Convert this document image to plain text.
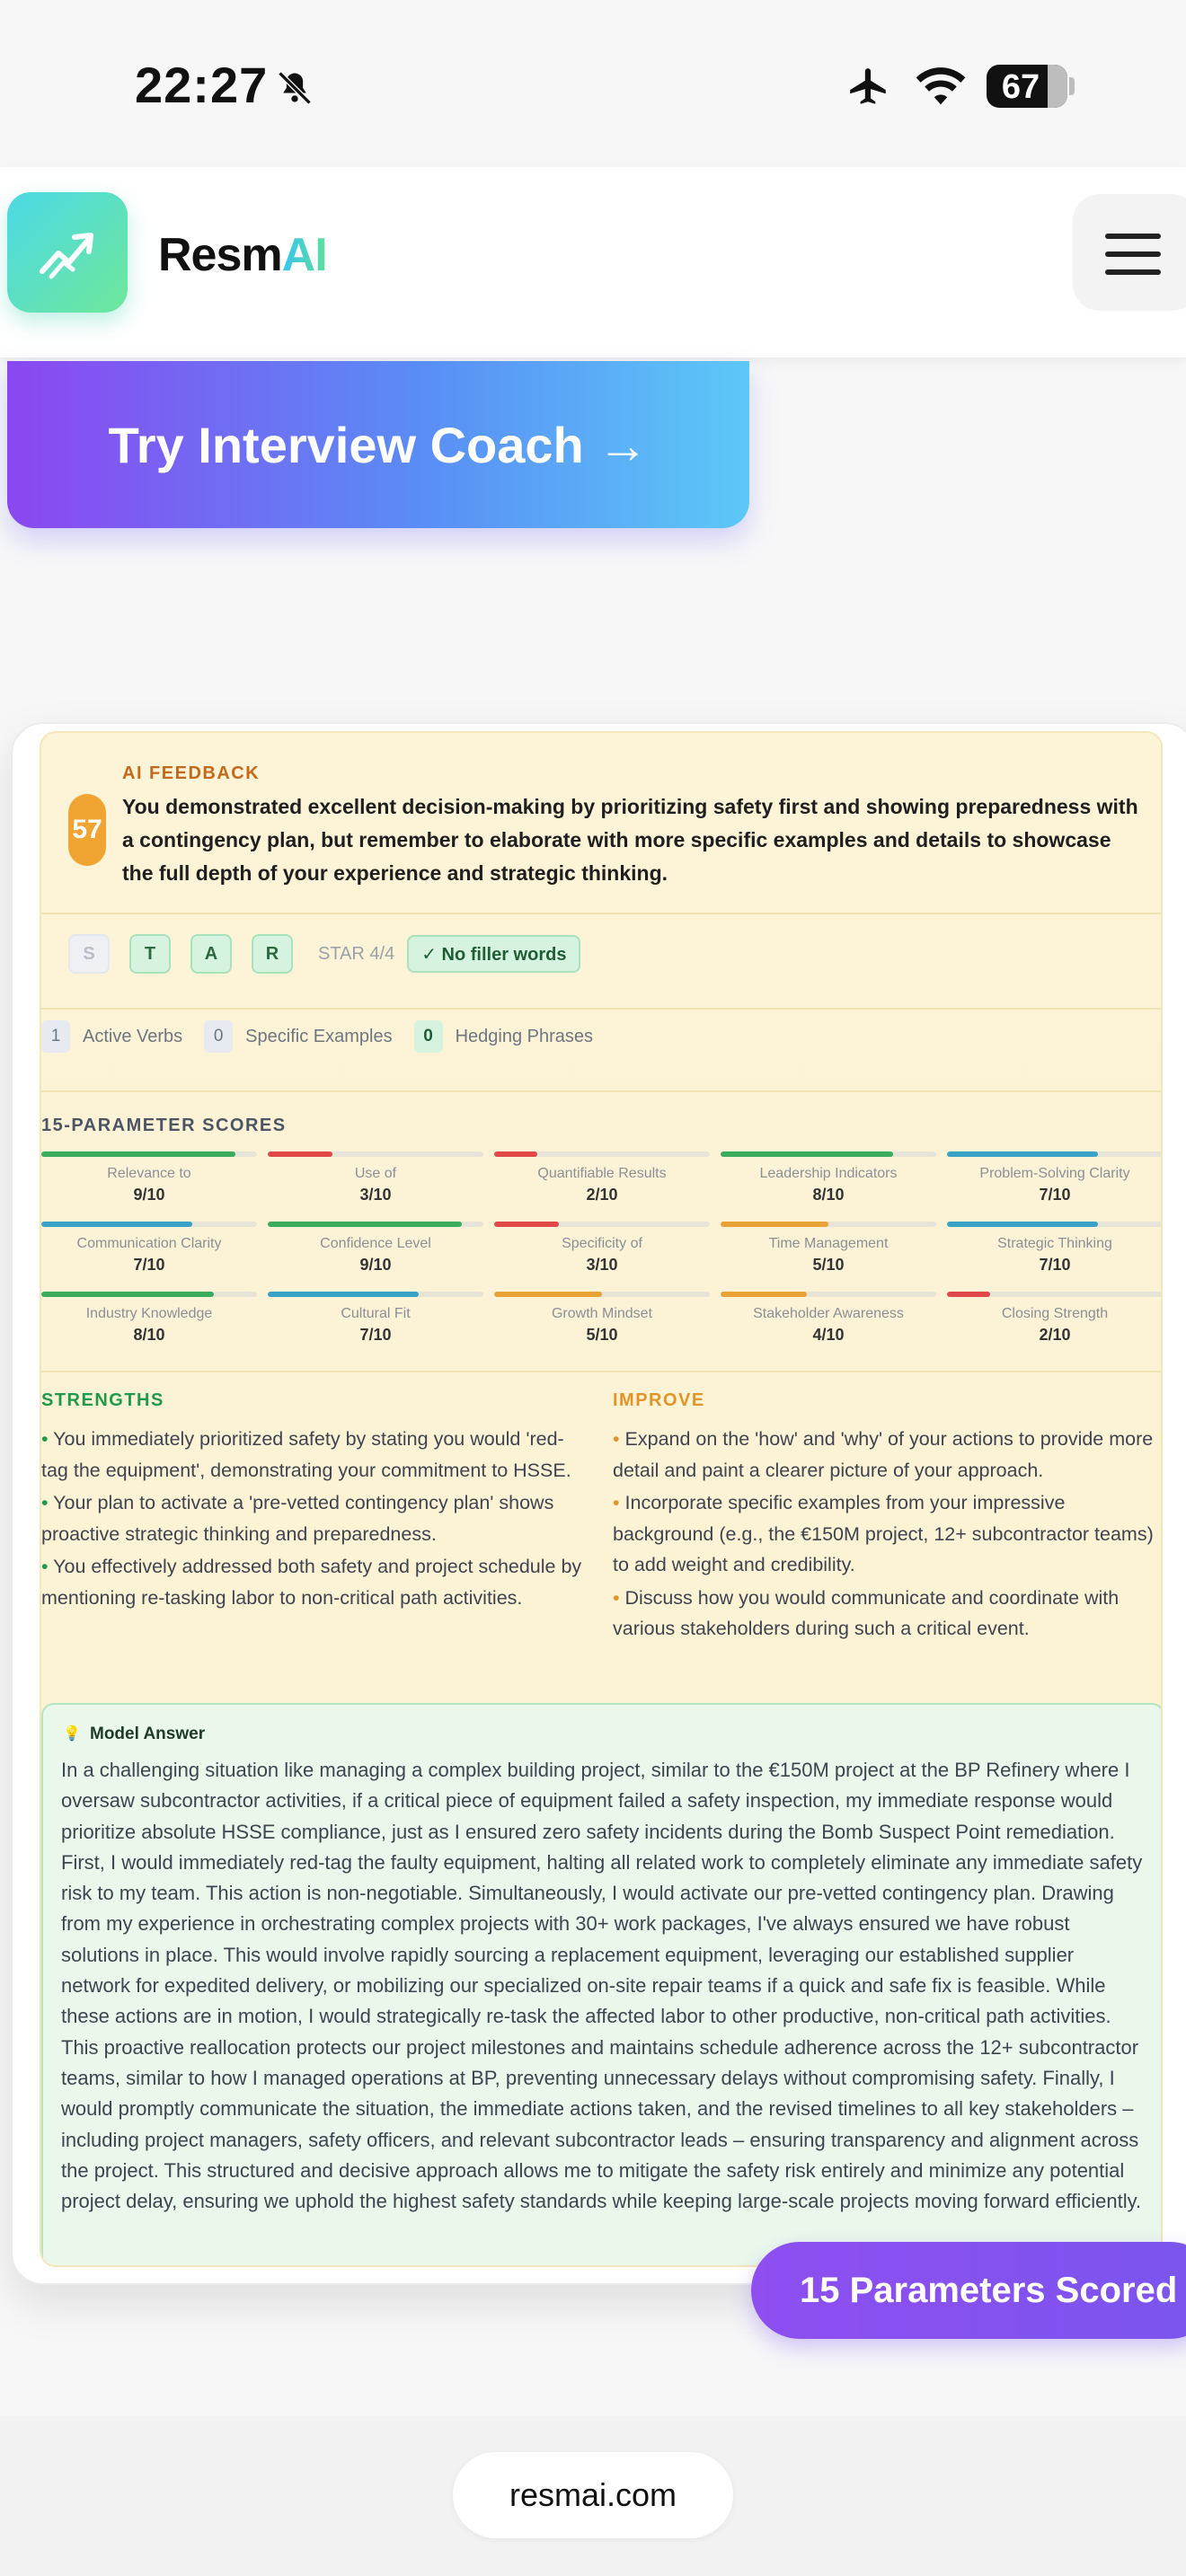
22:27	67
ResmAI
Try Interview Coach →
57
AI FEEDBACK
You demonstrated excellent decision-making by prioritizing safety first and showing preparedness with a contingency plan, but remember to elaborate with more specific examples and details to showcase the full depth of your experience and strategic thinking.
S	T	A	R	STAR 4/4	✓ No filler words
1	Active Verbs	0	Specific Examples	0	Hedging Phrases
15-PARAMETER SCORES
Relevance to
9/10
Use of
3/10
Quantifiable Results
2/10
Leadership Indicators
8/10
Problem-Solving Clarity
7/10
Communication Clarity
7/10
Confidence Level
9/10
Specificity of
3/10
Time Management
5/10
Strategic Thinking
7/10
Industry Knowledge
8/10
Cultural Fit
7/10
Growth Mindset
5/10
Stakeholder Awareness
4/10
Closing Strength
2/10
STRENGTHS
• You immediately prioritized safety by stating you would 'red-tag the equipment', demonstrating your commitment to HSSE.
• Your plan to activate a 'pre-vetted contingency plan' shows proactive strategic thinking and preparedness.
• You effectively addressed both safety and project schedule by mentioning re-tasking labor to non-critical path activities.
IMPROVE
• Expand on the 'how' and 'why' of your actions to provide more detail and paint a clearer picture of your approach.
• Incorporate specific examples from your impressive background (e.g., the €150M project, 12+ subcontractor teams) to add weight and credibility.
• Discuss how you would communicate and coordinate with various stakeholders during such a critical event.
💡 Model Answer
In a challenging situation like managing a complex building project, similar to the €150M project at the BP Refinery where I oversaw subcontractor activities, if a critical piece of equipment failed a safety inspection, my immediate response would prioritize absolute HSSE compliance, just as I ensured zero safety incidents during the Bomb Suspect Point remediation. First, I would immediately red-tag the faulty equipment, halting all related work to completely eliminate any immediate safety risk to my team. This action is non-negotiable. Simultaneously, I would activate our pre-vetted contingency plan. Drawing from my experience in orchestrating complex projects with 30+ work packages, I've always ensured we have robust solutions in place. This would involve rapidly sourcing a replacement equipment, leveraging our established supplier network for expedited delivery, or mobilizing our specialized on-site repair teams if a quick and safe fix is feasible. While these actions are in motion, I would strategically re-task the affected labor to other productive, non-critical path activities. This proactive reallocation protects our project milestones and maintains schedule adherence across the 12+ subcontractor teams, similar to how I managed operations at BP, preventing unnecessary delays without compromising safety. Finally, I would promptly communicate the situation, the immediate actions taken, and the revised timelines to all key stakeholders – including project managers, safety officers, and relevant subcontractor leads – ensuring transparency and alignment across the project. This structured and decisive approach allows me to mitigate the safety risk entirely and minimize any potential project delay, ensuring we uphold the highest safety standards while keeping large-scale projects moving forward efficiently.
15 Parameters Scored
resmai.com
